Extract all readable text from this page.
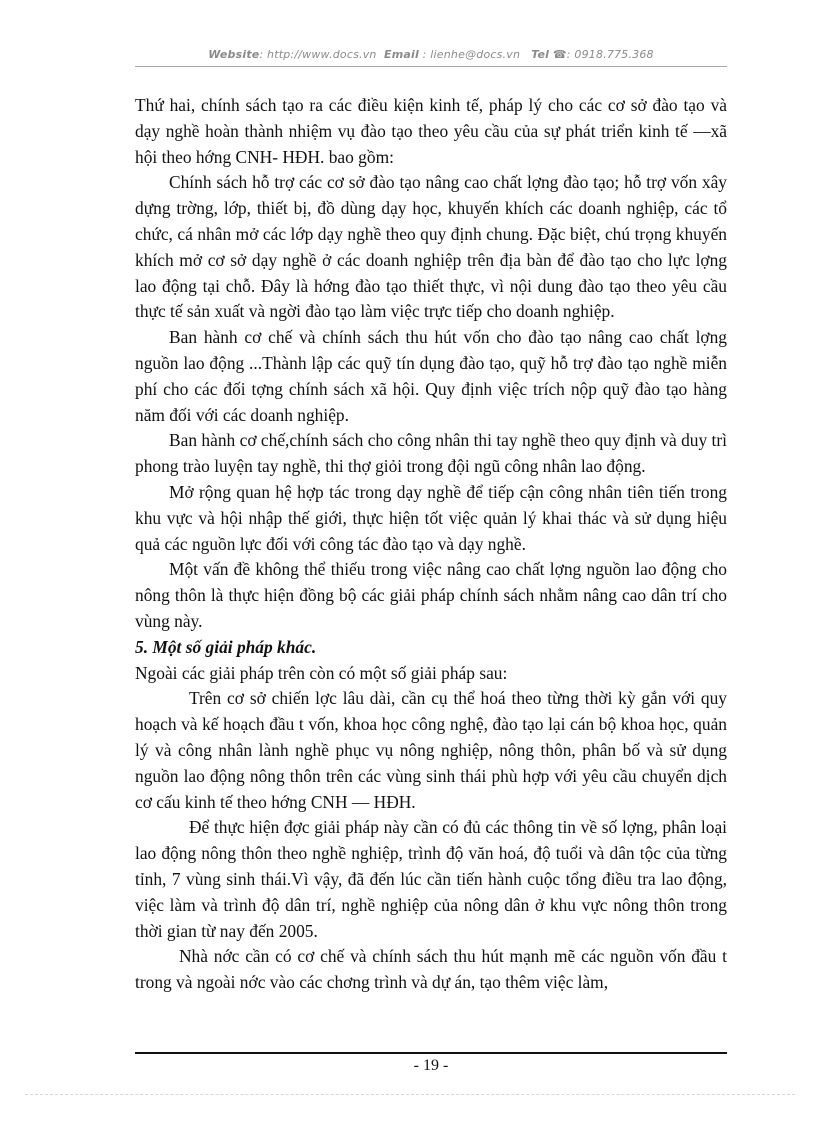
Website: http://www.docs.vn Email : lienhe@docs.vn Tel ☎: 0918.775.368

Thứ hai, chính sách tạo ra các điều kiện kinh tế, pháp lý cho các cơ sở đào tạo và dạy nghề hoàn thành nhiệm vụ đào tạo theo yêu cầu của sự phát triển kinh tế —xã hội theo hớng CNH- HĐH. bao gồm:

Chính sách hỗ trợ các cơ sở đào tạo nâng cao chất lợng đào tạo; hỗ trợ vốn xây dựng trờng, lớp, thiết bị, đồ dùng dạy học, khuyến khích các doanh nghiệp, các tổ chức, cá nhân mở các lớp dạy nghề theo quy định chung. Đặc biệt, chú trọng khuyến khích mở cơ sở dạy nghề ở các doanh nghiệp trên địa bàn để đào tạo cho lực lợng lao động tại chỗ. Đây là hớng đào tạo thiết thực, vì nội dung đào tạo theo yêu cầu thực tế sản xuất và ngời đào tạo làm việc trực tiếp cho doanh nghiệp.

Ban hành cơ chế và chính sách thu hút vốn cho đào tạo nâng cao chất lợng nguồn lao động ...Thành lập các quỹ tín dụng đào tạo, quỹ hỗ trợ đào tạo nghề miễn phí cho các đối tợng chính sách xã hội. Quy định việc trích nộp quỹ đào tạo hàng năm đối với các doanh nghiệp.

Ban hành cơ chế,chính sách cho công nhân thi tay nghề theo quy định và duy trì phong trào luyện tay nghề, thi thợ giỏi trong đội ngũ công nhân lao động.

Mở rộng quan hệ hợp tác trong dạy nghề để tiếp cận công nhân tiên tiến trong khu vực và hội nhập thế giới, thực hiện tốt việc quản lý khai thác và sử dụng hiệu quả các nguồn lực đối với công tác đào tạo và dạy nghề.

Một vấn đề không thể thiếu trong việc nâng cao chất lợng nguồn lao động cho nông thôn là thực hiện đồng bộ các giải pháp chính sách nhằm nâng cao dân trí cho vùng này.

5. Một số giải pháp khác.

Ngoài các giải pháp trên còn có một số giải pháp sau:

Trên cơ sở chiến lợc lâu dài, cần cụ thể hoá theo từng thời kỳ gắn với quy hoạch và kế hoạch đầu t vốn, khoa học công nghệ, đào tạo lại cán bộ khoa học, quản lý và công nhân lành nghề phục vụ nông nghiệp, nông thôn, phân bố và sử dụng nguồn lao động nông thôn trên các vùng sinh thái phù hợp với yêu cầu chuyển dịch cơ cấu kinh tế theo hớng CNH — HĐH.

Để thực hiện đợc giải pháp này cần có đủ các thông tin về số lợng, phân loại lao động nông thôn theo nghề nghiệp, trình độ văn hoá, độ tuổi và dân tộc của từng tỉnh, 7 vùng sinh thái.Vì vậy, đã đến lúc cần tiến hành cuộc tổng điều tra lao động, việc làm và trình độ dân trí, nghề nghiệp của nông dân ở khu vực nông thôn trong thời gian từ nay đến 2005.

Nhà nớc cần có cơ chế và chính sách thu hút mạnh mẽ các nguồn vốn đầu t trong và ngoài nớc vào các chơng trình và dự án, tạo thêm việc làm,

- 19 -
